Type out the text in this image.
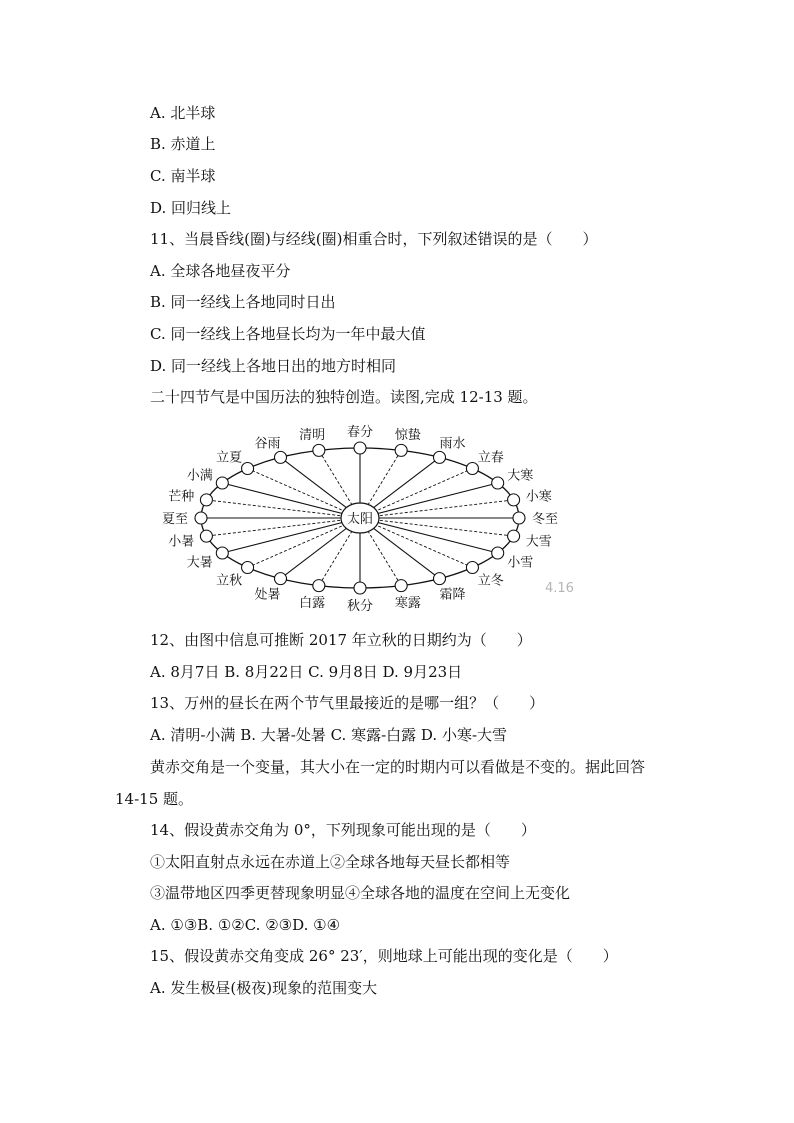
A. 北半球
B. 赤道上
C. 南半球
D. 回归线上
11、当晨昏线(圈)与经线(圈)相重合时，下列叙述错误的是（　　）
A. 全球各地昼夜平分
B. 同一经线上各地同时日出
C. 同一经线上各地昼长均为一年中最大值
D. 同一经线上各地日出的地方时相同
二十四节气是中国历法的独特创造。读图,完成 12-13 题。
夏至
芒种
小满
立夏
谷雨
清明 春分 惊蛰
雨水
立春
大寒
小寒
冬至
大雪
小雪
立冬
霜降
寒露
秋分
白露
处暑
立秋
大暑
小暑
太阳
4.16
12、由图中信息可推断 2017 年立秋的日期约为（　　）
A. 8月7日 B. 8月22日 C. 9月8日 D. 9月23日
13、万州的昼长在两个节气里最接近的是哪一组？（　　）
A. 清明-小满 B. 大暑-处暑 C. 寒露-白露 D. 小寒-大雪
黄赤交角是一个变量，其大小在一定的时期内可以看做是不变的。据此回答
14-15 题。
14、假设黄赤交角为 0°，下列现象可能出现的是（　　）
①太阳直射点永远在赤道上②全球各地每天昼长都相等
③温带地区四季更替现象明显④全球各地的温度在空间上无变化
A. ①③B. ①②C. ②③D. ①④
15、假设黄赤交角变成 26° 23′，则地球上可能出现的变化是（　　）
A. 发生极昼(极夜)现象的范围变大
